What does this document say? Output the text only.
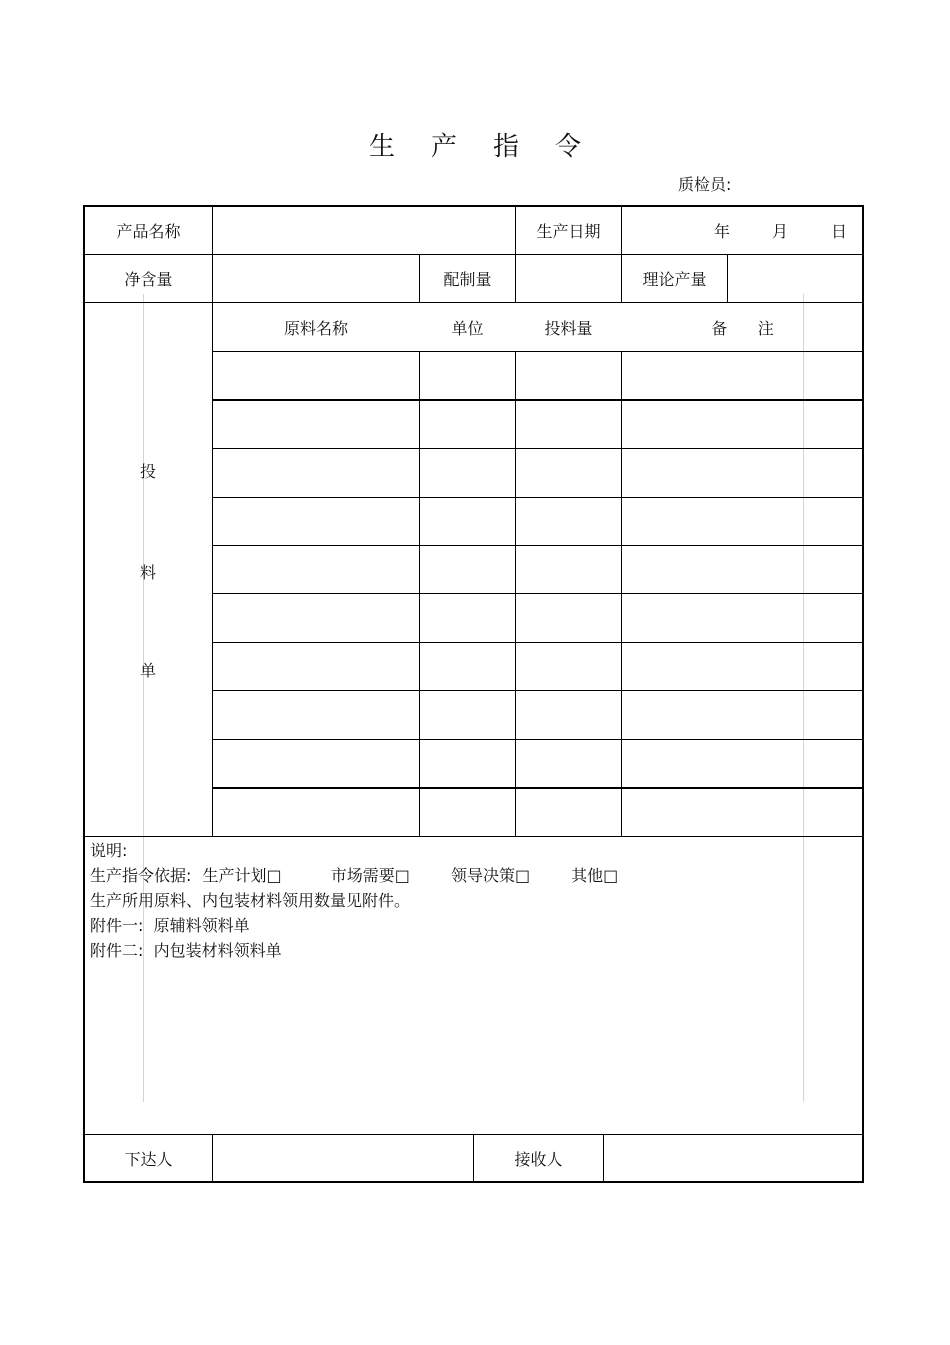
生 产 指 令
质检员:
产品名称	生产日期	年	月	日
净含量	配制量	理论产量
原料名称	单位	投料量	备      注
投
料
单
说明:
生产指令依据: 生产计划□	市场需要□	领导决策□	其他□
生产所用原料、内包装材料领用数量见附件。
附件一:  原辅料领料单
附件二:  内包装材料领料单
下达人	接收人
